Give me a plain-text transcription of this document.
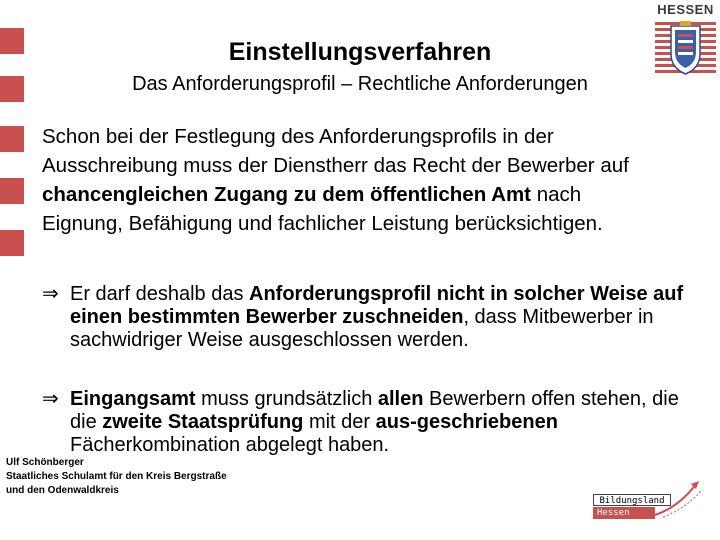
HESSEN
Einstellungsverfahren
Das Anforderungsprofil – Rechtliche Anforderungen
Schon bei der Festlegung des Anforderungsprofils in der Ausschreibung muss der Dienstherr das Recht der Bewerber auf chancengleichen Zugang zu dem öffentlichen Amt nach Eignung, Befähigung und fachlicher Leistung berücksichtigen.
⇒ Er darf deshalb das Anforderungsprofil nicht in solcher Weise auf einen bestimmten Bewerber zuschneiden, dass Mitbewerber in sachwidriger Weise ausgeschlossen werden.
⇒ Eingangsamt muss grundsätzlich allen Bewerbern offen stehen, die die zweite Staatsprüfung mit der aus-geschriebenen Fächerkombination abgelegt haben.
Ulf Schönberger
Staatliches Schulamt für den Kreis Bergstraße
und den Odenwaldkreis
Bildungsland
Hessen
